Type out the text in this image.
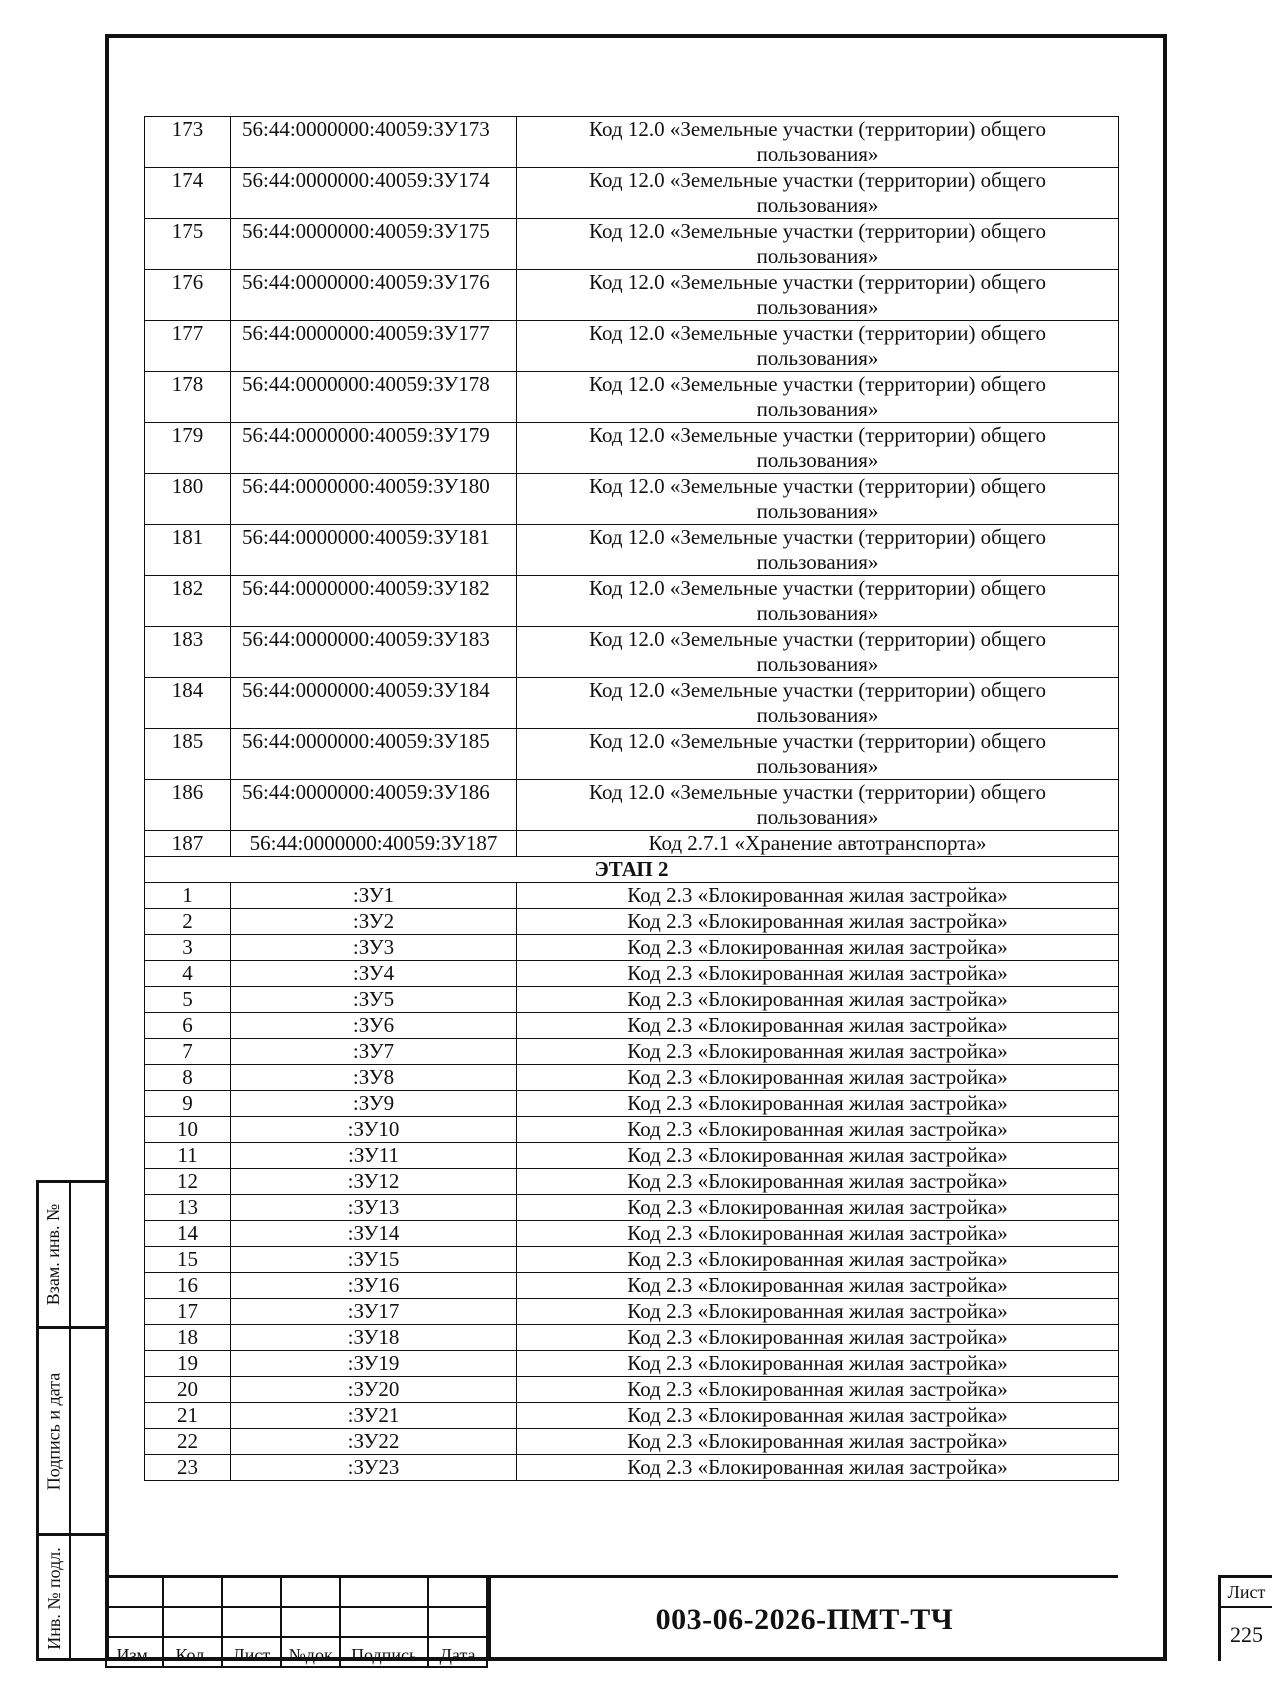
Взам. инв. №
Подпись и дата
Инв. № подл.
173	56:44:0000000:40059:ЗУ173	Код 12.0 «Земельные участки (территории) общего
пользования»

174	56:44:0000000:40059:ЗУ174	Код 12.0 «Земельные участки (территории) общего
пользования»

175	56:44:0000000:40059:ЗУ175	Код 12.0 «Земельные участки (территории) общего
пользования»

176	56:44:0000000:40059:ЗУ176	Код 12.0 «Земельные участки (территории) общего
пользования»

177	56:44:0000000:40059:ЗУ177	Код 12.0 «Земельные участки (территории) общего
пользования»

178	56:44:0000000:40059:ЗУ178	Код 12.0 «Земельные участки (территории) общего
пользования»

179	56:44:0000000:40059:ЗУ179	Код 12.0 «Земельные участки (территории) общего
пользования»

180	56:44:0000000:40059:ЗУ180	Код 12.0 «Земельные участки (территории) общего
пользования»

181	56:44:0000000:40059:ЗУ181	Код 12.0 «Земельные участки (территории) общего
пользования»

182	56:44:0000000:40059:ЗУ182	Код 12.0 «Земельные участки (территории) общего
пользования»

183	56:44:0000000:40059:ЗУ183	Код 12.0 «Земельные участки (территории) общего
пользования»

184	56:44:0000000:40059:ЗУ184	Код 12.0 «Земельные участки (территории) общего
пользования»

185	56:44:0000000:40059:ЗУ185	Код 12.0 «Земельные участки (территории) общего
пользования»

186	56:44:0000000:40059:ЗУ186	Код 12.0 «Земельные участки (территории) общего
пользования»

187	56:44:0000000:40059:ЗУ187	Код 2.7.1 «Хранение автотранспорта»

ЭТАП 2		
1	:ЗУ1	Код 2.3 «Блокированная жилая застройка»
2	:ЗУ2	Код 2.3 «Блокированная жилая застройка»
3	:ЗУ3	Код 2.3 «Блокированная жилая застройка»
4	:ЗУ4	Код 2.3 «Блокированная жилая застройка»
5	:ЗУ5	Код 2.3 «Блокированная жилая застройка»
6	:ЗУ6	Код 2.3 «Блокированная жилая застройка»
7	:ЗУ7	Код 2.3 «Блокированная жилая застройка»
8	:ЗУ8	Код 2.3 «Блокированная жилая застройка»
9	:ЗУ9	Код 2.3 «Блокированная жилая застройка»
10	:ЗУ10	Код 2.3 «Блокированная жилая застройка»
11	:ЗУ11	Код 2.3 «Блокированная жилая застройка»
12	:ЗУ12	Код 2.3 «Блокированная жилая застройка»
13	:ЗУ13	Код 2.3 «Блокированная жилая застройка»
14	:ЗУ14	Код 2.3 «Блокированная жилая застройка»
15	:ЗУ15	Код 2.3 «Блокированная жилая застройка»
16	:ЗУ16	Код 2.3 «Блокированная жилая застройка»
17	:ЗУ17	Код 2.3 «Блокированная жилая застройка»
18	:ЗУ18	Код 2.3 «Блокированная жилая застройка»
19	:ЗУ19	Код 2.3 «Блокированная жилая застройка»
20	:ЗУ20	Код 2.3 «Блокированная жилая застройка»
21	:ЗУ21	Код 2.3 «Блокированная жилая застройка»
22	:ЗУ22	Код 2.3 «Блокированная жилая застройка»
23	:ЗУ23	Код 2.3 «Блокированная жилая застройка»

Изм.	Кол.	Лист	№док	Подпись	Дата
003-06-2026-ПМТ-ТЧ
Лист
225
